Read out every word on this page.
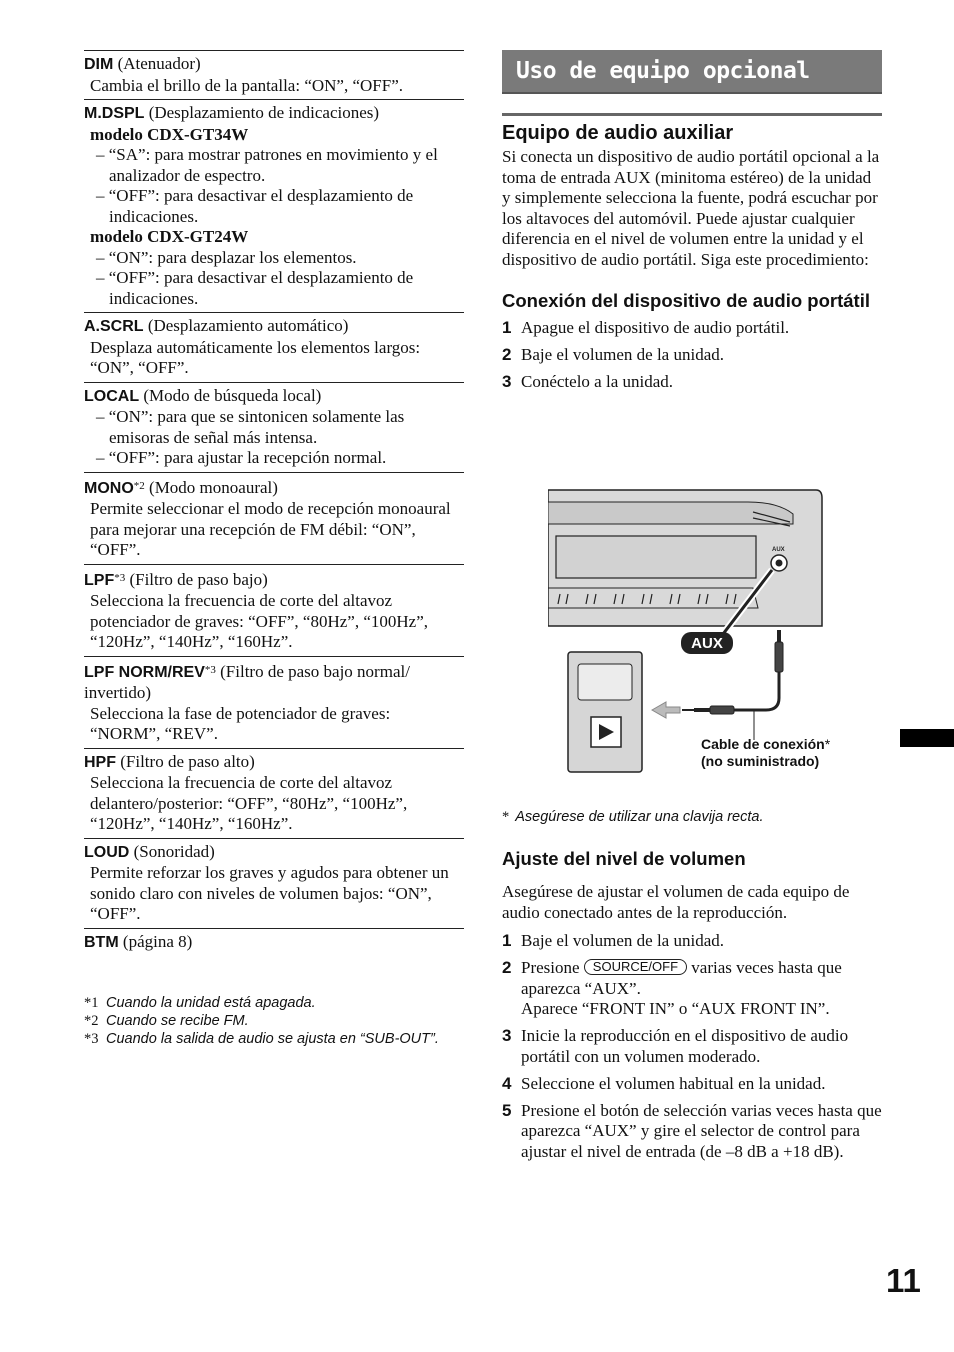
DIM (Atenuador)
Cambia el brillo de la pantalla: “ON”, “OFF”.
M.DSPL (Desplazamiento de indicaciones)
modelo CDX-GT34W
– “SA”: para mostrar patrones en movimiento y el analizador de espectro.
– “OFF”: para desactivar el desplazamiento de indicaciones.
modelo CDX-GT24W
– “ON”: para desplazar los elementos.
– “OFF”: para desactivar el desplazamiento de indicaciones.
A.SCRL (Desplazamiento automático)
Desplaza automáticamente los elementos largos: “ON”, “OFF”.
LOCAL (Modo de búsqueda local)
– “ON”: para que se sintonicen solamente las emisoras de señal más intensa.
– “OFF”: para ajustar la recepción normal.
MONO$^{*2}$ (Modo monoaural)
Permite seleccionar el modo de recepción monoaural para mejorar una recepción de FM débil: “ON”, “OFF”.
LPF$^{*3}$ (Filtro de paso bajo)
Selecciona la frecuencia de corte del altavoz potenciador de graves: “OFF”, “80Hz”, “100Hz”, “120Hz”, “140Hz”, “160Hz”.
LPF NORM/REV$^{*3}$ (Filtro de paso bajo normal/ invertido)
Selecciona la fase de potenciador de graves: “NORM”, “REV”.
HPF (Filtro de paso alto)
Selecciona la frecuencia de corte del altavoz delantero/posterior: “OFF”, “80Hz”, “100Hz”, “120Hz”, “140Hz”, “160Hz”.
LOUD (Sonoridad)
Permite reforzar los graves y agudos para obtener un sonido claro con niveles de volumen bajos: “ON”, “OFF”.
BTM (página 8)
*1 Cuando la unidad está apagada.
*2 Cuando se recibe FM.
*3 Cuando la salida de audio se ajusta en “SUB-OUT”.
Uso de equipo opcional
Equipo de audio auxiliar
Si conecta un dispositivo de audio portátil opcional a la toma de entrada AUX (minitoma estéreo) de la unidad y simplemente selecciona la fuente, podrá escuchar por los altavoces del automóvil. Puede ajustar cualquier diferencia en el nivel de volumen entre la unidad y el dispositivo de audio portátil. Siga este procedimiento:
Conexión del dispositivo de audio portátil
1 Apague el dispositivo de audio portátil.
2 Baje el volumen de la unidad.
3 Conéctelo a la unidad.
* Asegúrese de utilizar una clavija recta.
Ajuste del nivel de volumen
Asegúrese de ajustar el volumen de cada equipo de audio conectado antes de la reproducción.
1 Baje el volumen de la unidad.
2 Presione SOURCE/OFF varias veces hasta que aparezca “AUX”.
Aparece “FRONT IN” o “AUX FRONT IN”.
3 Inicie la reproducción en el dispositivo de audio portátil con un volumen moderado.
4 Seleccione el volumen habitual en la unidad.
5 Presione el botón de selección varias veces hasta que aparezca “AUX” y gire el selector de control para ajustar el nivel de entrada (de –8 dB a +18 dB).
AUX
AUX
Cable de conexión*
(no suministrado)
11
